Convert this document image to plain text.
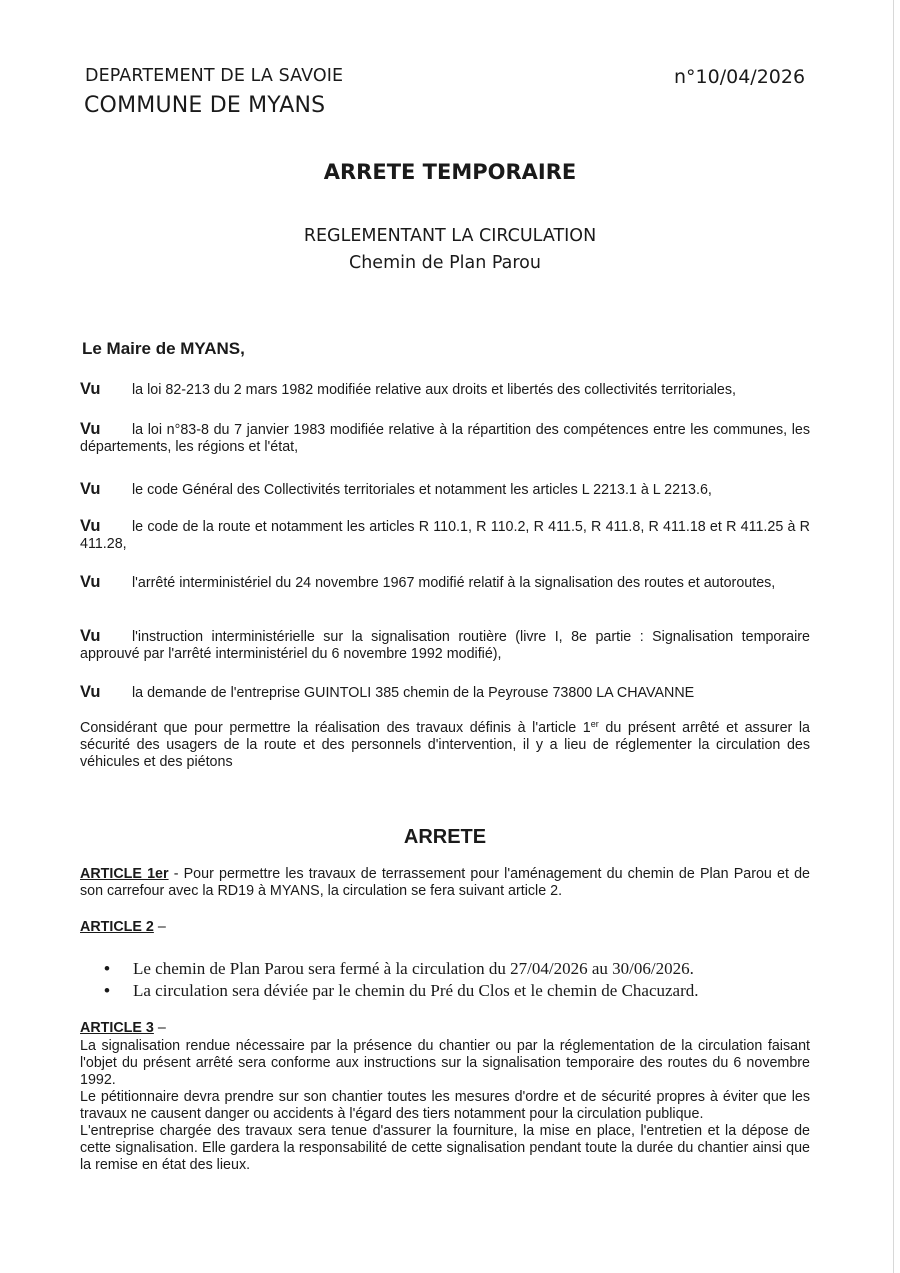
DEPARTEMENT DE LA SAVOIE
COMMUNE DE MYANS
n°10/04/2026
ARRETE TEMPORAIRE
REGLEMENTANT LA CIRCULATION
Chemin de Plan Parou
Le Maire de MYANS,
Vu la loi 82-213 du 2 mars 1982 modifiée relative aux droits et libertés des collectivités territoriales,
Vu la loi n°83-8 du 7 janvier 1983 modifiée relative à la répartition des compétences entre les communes, les départements, les régions et l'état,
Vu le code Général des Collectivités territoriales et notamment les articles L 2213.1 à L 2213.6,
Vu le code de la route et notamment les articles R 110.1, R 110.2, R 411.5, R 411.8, R 411.18 et R 411.25 à R 411.28,
Vu l'arrêté interministériel du 24 novembre 1967 modifié relatif à la signalisation des routes et autoroutes,
Vu l'instruction interministérielle sur la signalisation routière (livre I, 8e partie : Signalisation temporaire approuvé par l'arrêté interministériel du 6 novembre 1992 modifié),
Vu la demande de l'entreprise GUINTOLI 385 chemin de la Peyrouse 73800 LA CHAVANNE
Considérant que pour permettre la réalisation des travaux définis à l'article 1er du présent arrêté et assurer la sécurité des usagers de la route et des personnels d'intervention, il y a lieu de réglementer la circulation des véhicules et des piétons
ARRETE
ARTICLE 1er - Pour permettre les travaux de terrassement pour l'aménagement du chemin de Plan Parou et de son carrefour avec la RD19 à MYANS, la circulation se fera suivant article 2.
ARTICLE 2 –
• Le chemin de Plan Parou sera fermé à la circulation du 27/04/2026 au 30/06/2026.
• La circulation sera déviée par le chemin du Pré du Clos et le chemin de Chacuzard.
ARTICLE 3 –
La signalisation rendue nécessaire par la présence du chantier ou par la réglementation de la circulation faisant l'objet du présent arrêté sera conforme aux instructions sur la signalisation temporaire des routes du 6 novembre 1992.
Le pétitionnaire devra prendre sur son chantier toutes les mesures d'ordre et de sécurité propres à éviter que les travaux ne causent danger ou accidents à l'égard des tiers notamment pour la circulation publique.
L'entreprise chargée des travaux sera tenue d'assurer la fourniture, la mise en place, l'entretien et la dépose de cette signalisation. Elle gardera la responsabilité de cette signalisation pendant toute la durée du chantier ainsi que la remise en état des lieux.
